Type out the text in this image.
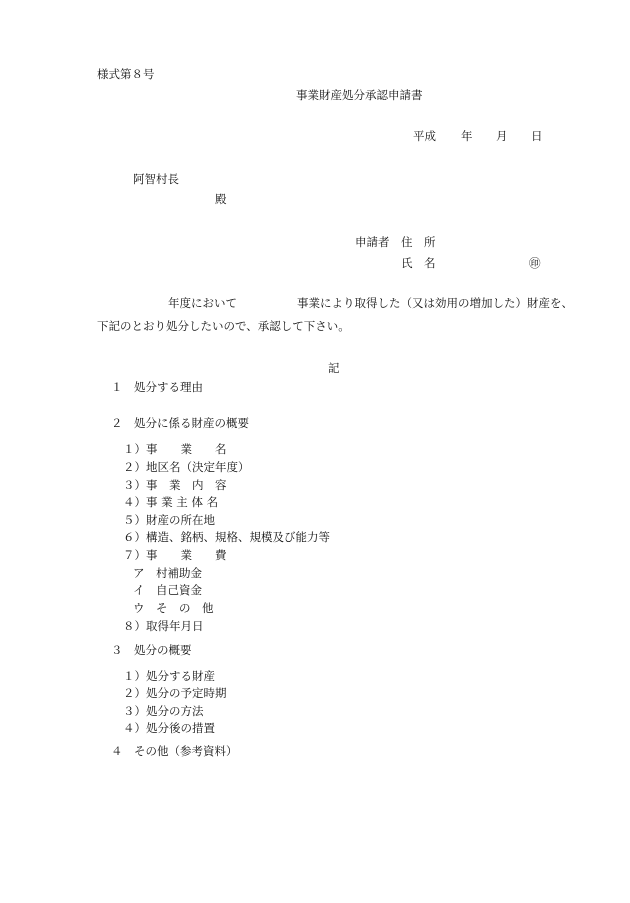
様式第８号
事業財産処分承認申請書
平成 年 月 日
阿智村長
殿
申請者 住　所
氏　名	㊞
年度において	事業により取得した（又は効用の増加した）財産を、
下記のとおり処分したいので、承認して下さい。
記
１　処分する理由
２　処分に係る財産の概要
１）事　　業　　名
２）地区名（決定年度）
３）事　業　内　容
４）事 業 主 体 名
５）財産の所在地
６）構造、銘柄、規格、規模及び能力等
７）事　　業　　費
ア　村補助金
イ　自己資金
ウ　そ　の　他
８）取得年月日
３　処分の概要
１）処分する財産
２）処分の予定時期
３）処分の方法
４）処分後の措置
４　その他（参考資料）
